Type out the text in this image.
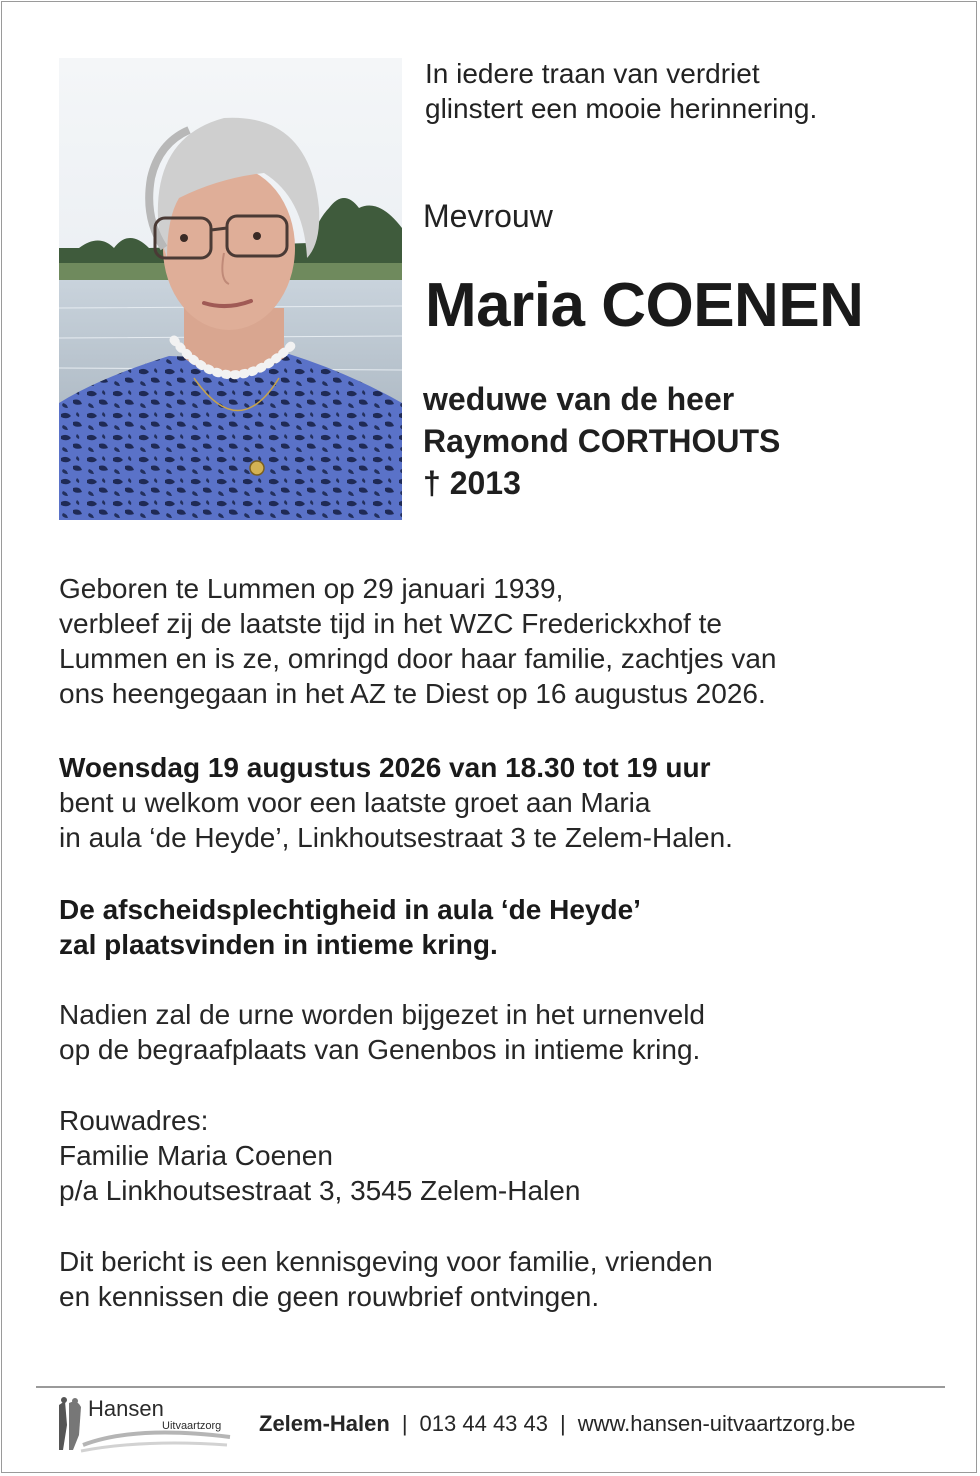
In iedere traan van verdriet
glinstert een mooie herinnering.
Mevrouw
Maria COENEN
weduwe van de heer
Raymond CORTHOUTS
† 2013
Geboren te Lummen op 29 januari 1939,
verbleef zij de laatste tijd in het WZC Frederickxhof te
Lummen en is ze, omringd door haar familie, zachtjes van
ons heengegaan in het AZ te Diest op 16 augustus 2026.
Woensdag 19 augustus 2026 van 18.30 tot 19 uur
bent u welkom voor een laatste groet aan Maria
in aula ‘de Heyde’, Linkhoutsestraat 3 te Zelem-Halen.
De afscheidsplechtigheid in aula ‘de Heyde’
zal plaatsvinden in intieme kring.
Nadien zal de urne worden bijgezet in het urnenveld
op de begraafplaats van Genenbos in intieme kring.
Rouwadres:
Familie Maria Coenen
p/a Linkhoutsestraat 3, 3545 Zelem-Halen
Dit bericht is een kennisgeving voor familie, vrienden
en kennissen die geen rouwbrief ontvingen.
Hansen
Uitvaartzorg Zelem-Halen | 013 44 43 43 | www.hansen-uitvaartzorg.be
